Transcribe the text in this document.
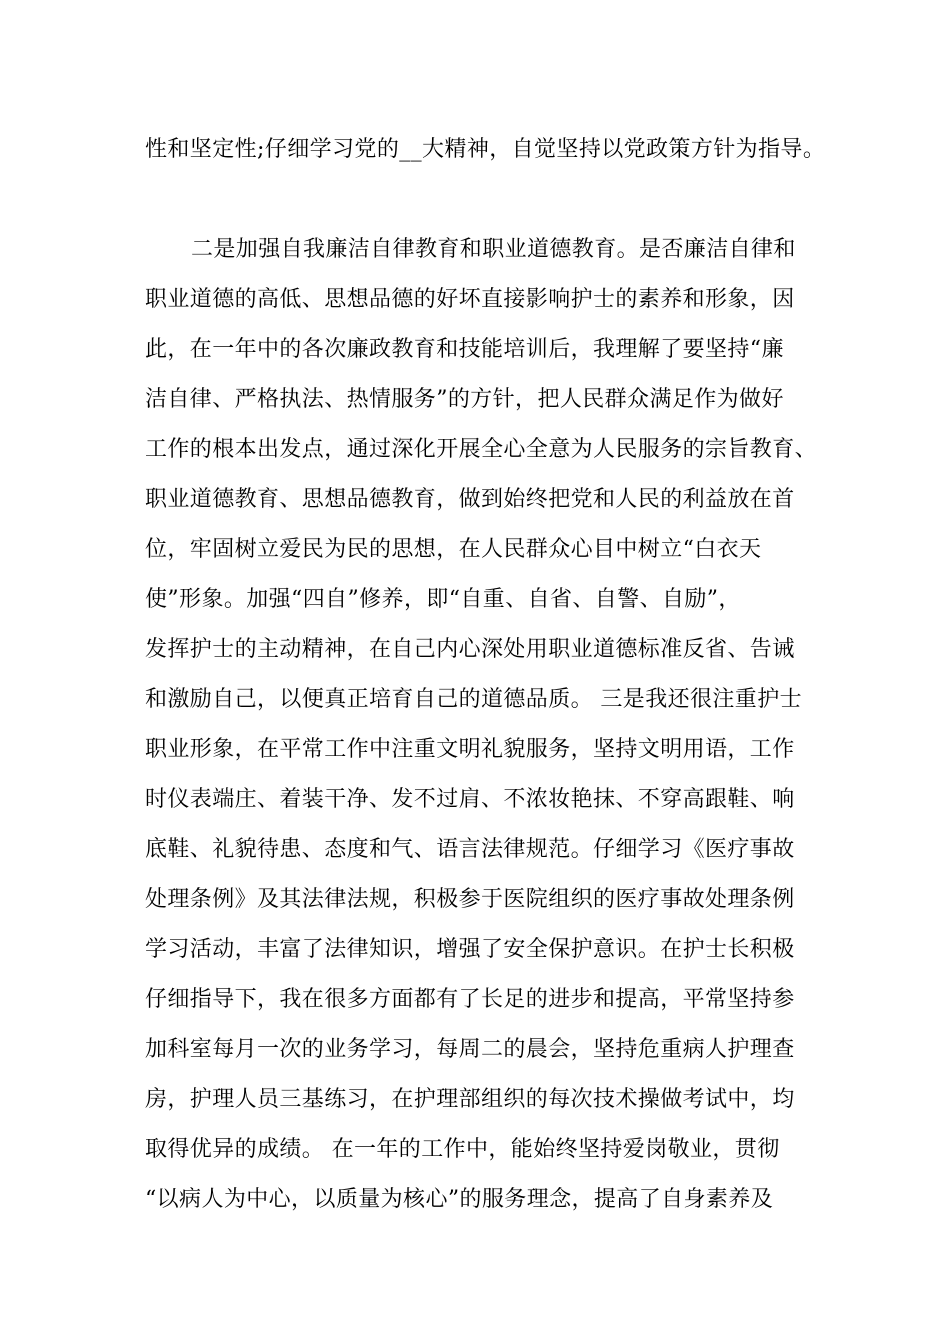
性和坚定性;仔细学习党的__大精神，自觉坚持以党政策方针为指导。

二是加强自我廉洁自律教育和职业道德教育。是否廉洁自律和

职业道德的高低、思想品德的好坏直接影响护士的素养和形象，因

此，在一年中的各次廉政教育和技能培训后，我理解了要坚持“廉

洁自律、严格执法、热情服务”的方针，把人民群众满足作为做好

工作的根本出发点，通过深化开展全心全意为人民服务的宗旨教育、

职业道德教育、思想品德教育，做到始终把党和人民的利益放在首

位，牢固树立爱民为民的思想，在人民群众心目中树立“白衣天

使”形象。加强“四自”修养，即“自重、自省、自警、自励”，

发挥护士的主动精神，在自己内心深处用职业道德标准反省、告诫

和激励自己，以便真正培育自己的道德品质。 三是我还很注重护士

职业形象，在平常工作中注重文明礼貌服务，坚持文明用语，工作

时仪表端庄、着装干净、发不过肩、不浓妆艳抹、不穿高跟鞋、响

底鞋、礼貌待患、态度和气、语言法律规范。仔细学习《医疗事故

处理条例》及其法律法规，积极参于医院组织的医疗事故处理条例

学习活动，丰富了法律知识，增强了安全保护意识。在护士长积极

仔细指导下，我在很多方面都有了长足的进步和提高，平常坚持参

加科室每月一次的业务学习，每周二的晨会，坚持危重病人护理查

房，护理人员三基练习，在护理部组织的每次技术操做考试中，均

取得优异的成绩。 在一年的工作中，能始终坚持爱岗敬业，贯彻

“以病人为中心，以质量为核心”的服务理念，提高了自身素养及
